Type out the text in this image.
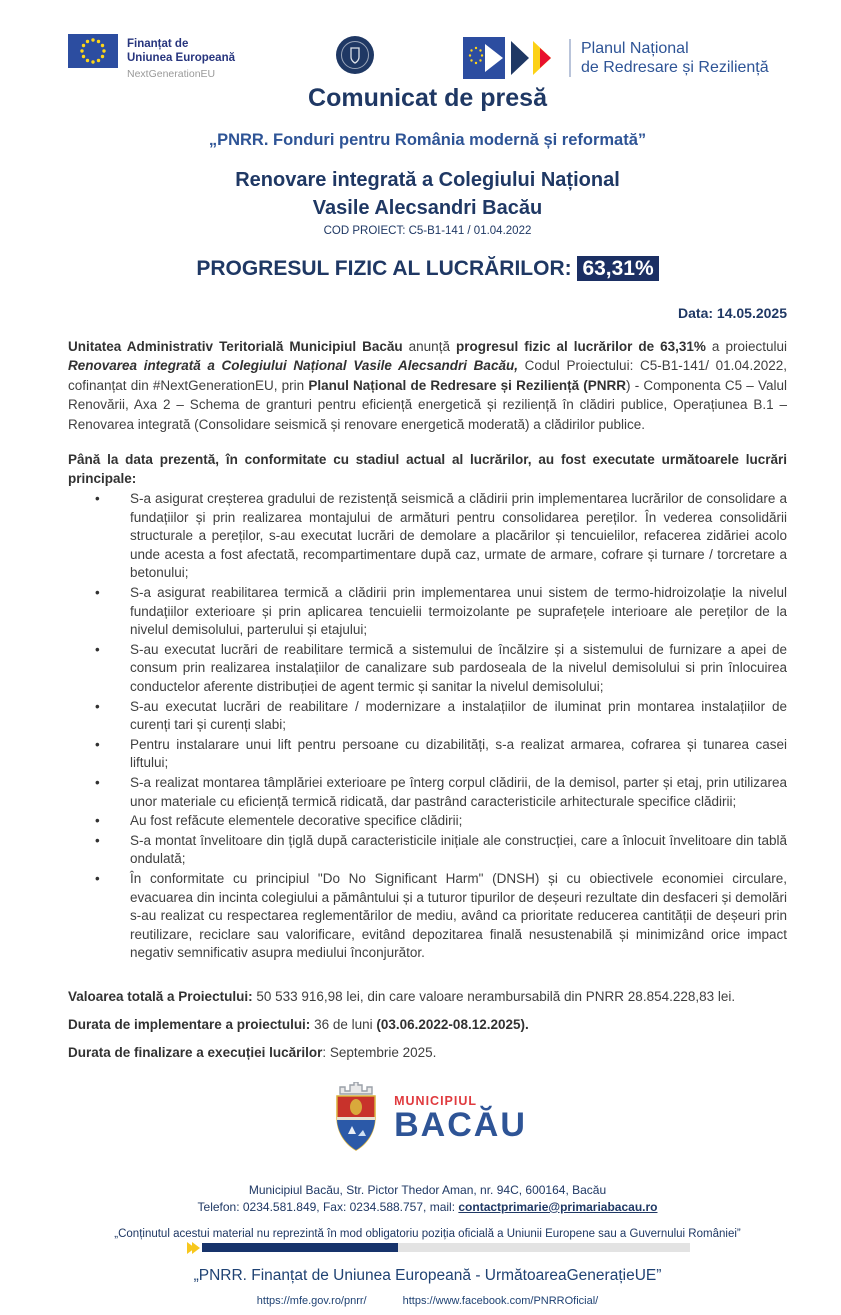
Finanțat de
Uniunea Europeană
NextGenerationEU
Planul Național
de Redresare și Reziliență
Comunicat de presă
„PNRR. Fonduri pentru România modernă și reformată”
Renovare integrată a Colegiului Național
Vasile Alecsandri Bacău
COD PROIECT: C5-B1-141 / 01.04.2022
PROGRESUL FIZIC AL LUCRĂRILOR: 63,31%
Data: 14.05.2025

Unitatea Administrativ Teritorială Municipiul Bacău anunță progresul fizic al lucrărilor de 63,31% a proiectului Renovarea integrată a Colegiului Național Vasile Alecsandri Bacău, Codul Proiectului: C5-B1-141/ 01.04.2022, cofinanțat din #NextGenerationEU, prin Planul Național de Redresare și Reziliență (PNRR) - Componenta C5 – Valul Renovării, Axa 2 – Schema de granturi pentru eficiență energetică și reziliență în clădiri publice, Operațiunea B.1 – Renovarea integrată (Consolidare seismică și renovare energetică moderată) a clădirilor publice.

Până la data prezentă, în conformitate cu stadiul actual al lucrărilor, au fost executate următoarele lucrări principale:
• S-a asigurat creșterea gradului de rezistență seismică a clădirii prin implementarea lucrărilor de consolidare a fundațiilor și prin realizarea montajului de armături pentru consolidarea pereților. În vederea consolidării structurale a pereților, s-au executat lucrări de demolare a placărilor și tencuielilor, refacerea zidăriei acolo unde acesta a fost afectată, recompartimentare după caz, urmate de armare, cofrare și turnare / torcretare a betonului;
• S-a asigurat reabilitarea termică a clădirii prin implementarea unui sistem de termo-hidroizolație la nivelul fundațiilor exterioare și prin aplicarea tencuielii termoizolante pe suprafețele interioare ale pereților de la nivelul demisolului, parterului și etajului;
• S-au executat lucrări de reabilitare termică a sistemului de încălzire și a sistemului de furnizare a apei de consum prin realizarea instalațiilor de canalizare sub pardoseala de la nivelul demisolului si prin înlocuirea conductelor aferente distribuției de agent termic și sanitar la nivelul demisolului;
• S-au executat lucrări de reabilitare / modernizare a instalațiilor de iluminat prin montarea instalațiilor de curenți tari și curenți slabi;
• Pentru instalarare unui lift pentru persoane cu dizabilități, s-a realizat armarea, cofrarea și tunarea casei liftului;
• S-a realizat montarea tâmplăriei exterioare pe înterg corpul clădirii, de la demisol, parter și etaj, prin utilizarea unor materiale cu eficiență termică ridicată, dar pastrând caracteristicile arhitecturale specifice clădirii;
• Au fost refăcute elementele decorative specifice clădirii;
• S-a montat învelitoare din țiglă după caracteristicile inițiale ale construcției, care a înlocuit învelitoare din tablă ondulată;
• În conformitate cu principiul "Do No Significant Harm" (DNSH) și cu obiectivele economiei circulare, evacuarea din incinta colegiului a pământului și a tuturor tipurilor de deșeuri rezultate din desfaceri și demolări s-au realizat cu respectarea reglementărilor de mediu, având ca prioritate reducerea cantității de deșeuri prin reutilizare, reciclare sau valorificare, evitând depozitarea finală nesustenabilă și minimizând orice impact negativ semnificativ asupra mediului înconjurător.
Valoarea totală a Proiectului: 50 533 916,98 lei, din care valoare nerambursabilă din PNRR 28.854.228,83 lei.
Durata de implementare a proiectului: 36 de luni (03.06.2022-08.12.2025).
Durata de finalizare a execuției lucărilor: Septembrie 2025.
MUNICIPIUL
BACĂU
Municipiul Bacău, Str. Pictor Thedor Aman, nr. 94C, 600164, Bacău
Telefon: 0234.581.849, Fax: 0234.588.757, mail: contactprimarie@primariabacau.ro
„Conținutul acestui material nu reprezintă în mod obligatoriu poziția oficială a Uniunii Europene sau a Guvernului României”
„PNRR. Finanțat de Uniunea Europeană - UrmătoareaGenerațieUE”
https://mfe.gov.ro/pnrr/	https://www.facebook.com/PNRROficial/
